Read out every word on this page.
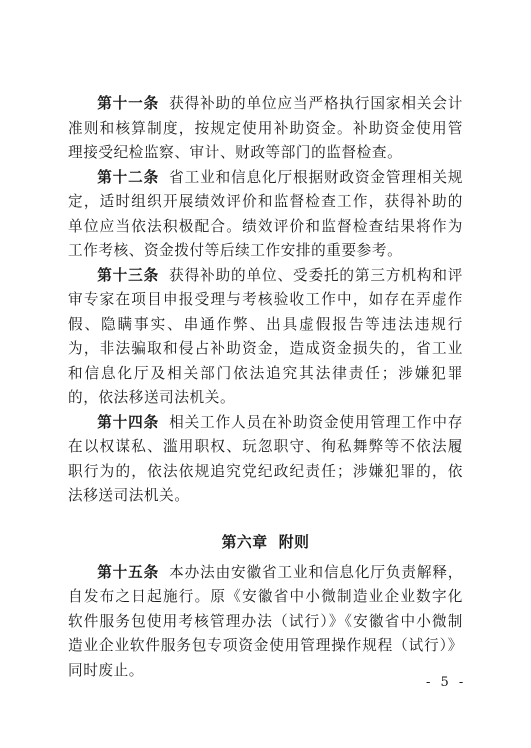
第十一条 获得补助的单位应当严格执行国家相关会计准则和核算制度，按规定使用补助资金。补助资金使用管理接受纪检监察、审计、财政等部门的监督检查。

第十二条 省工业和信息化厅根据财政资金管理相关规定，适时组织开展绩效评价和监督检查工作，获得补助的单位应当依法积极配合。绩效评价和监督检查结果将作为工作考核、资金拨付等后续工作安排的重要参考。

第十三条 获得补助的单位、受委托的第三方机构和评审专家在项目申报受理与考核验收工作中，如存在弄虚作假、隐瞒事实、串通作弊、出具虚假报告等违法违规行为，非法骗取和侵占补助资金，造成资金损失的，省工业和信息化厅及相关部门依法追究其法律责任；涉嫌犯罪的，依法移送司法机关。

第十四条 相关工作人员在补助资金使用管理工作中存在以权谋私、滥用职权、玩忽职守、徇私舞弊等不依法履职行为的，依法依规追究党纪政纪责任；涉嫌犯罪的，依法移送司法机关。

第六章  附则

第十五条 本办法由安徽省工业和信息化厅负责解释，自发布之日起施行。原《安徽省中小微制造业企业数字化软件服务包使用考核管理办法（试行）》《安徽省中小微制造业企业软件服务包专项资金使用管理操作规程（试行）》同时废止。

- 5 -
